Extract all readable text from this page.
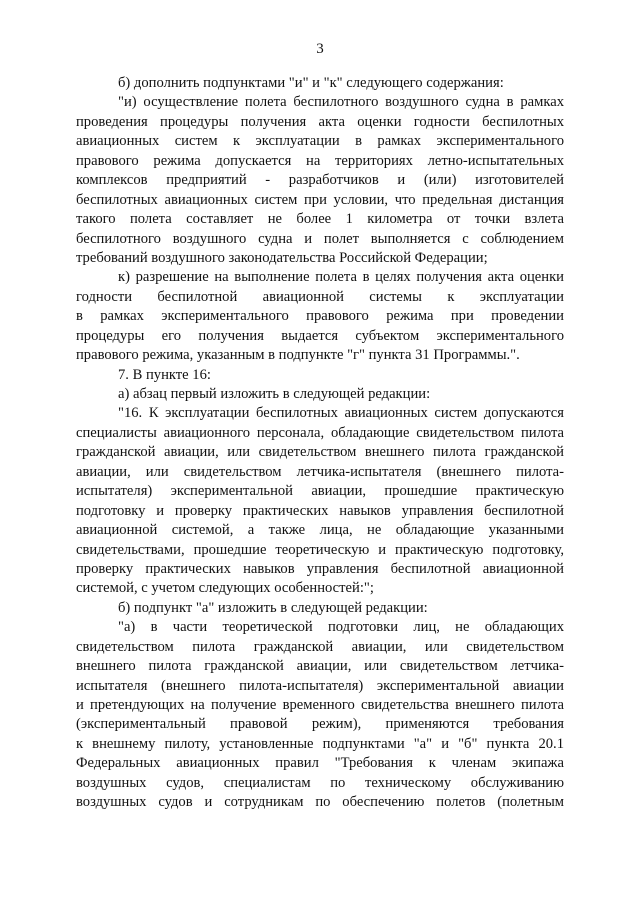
3
б) дополнить подпунктами "и" и "к" следующего содержания:
"и) осуществление полета беспилотного воздушного судна в рамках
проведения процедуры получения акта оценки годности беспилотных
авиационных систем к эксплуатации в рамках экспериментального
правового режима допускается на территориях летно-испытательных
комплексов предприятий - разработчиков и (или) изготовителей
беспилотных авиационных систем при условии, что предельная дистанция
такого полета составляет не более 1 километра от точки взлета
беспилотного воздушного судна и полет выполняется с соблюдением
требований воздушного законодательства Российской Федерации;
к) разрешение на выполнение полета в целях получения акта оценки
годности беспилотной авиационной системы к эксплуатации
в рамках экспериментального правового режима при проведении
процедуры его получения выдается субъектом экспериментального
правового режима, указанным в подпункте "г" пункта 31 Программы.".
7. В пункте 16:
а) абзац первый изложить в следующей редакции:
"16. К эксплуатации беспилотных авиационных систем допускаются
специалисты авиационного персонала, обладающие свидетельством пилота
гражданской авиации, или свидетельством внешнего пилота гражданской
авиации, или свидетельством летчика-испытателя (внешнего пилота-
испытателя) экспериментальной авиации, прошедшие практическую
подготовку и проверку практических навыков управления беспилотной
авиационной системой, а также лица, не обладающие указанными
свидетельствами, прошедшие теоретическую и практическую подготовку,
проверку практических навыков управления беспилотной авиационной
системой, с учетом следующих особенностей:";
б) подпункт "а" изложить в следующей редакции:
"а) в части теоретической подготовки лиц, не обладающих
свидетельством пилота гражданской авиации, или свидетельством
внешнего пилота гражданской авиации, или свидетельством летчика-
испытателя (внешнего пилота-испытателя) экспериментальной авиации
и претендующих на получение временного свидетельства внешнего пилота
(экспериментальный правовой режим), применяются требования
к внешнему пилоту, установленные подпунктами "а" и "б" пункта 20.1
Федеральных авиационных правил "Требования к членам экипажа
воздушных судов, специалистам по техническому обслуживанию
воздушных судов и сотрудникам по обеспечению полетов (полетным
